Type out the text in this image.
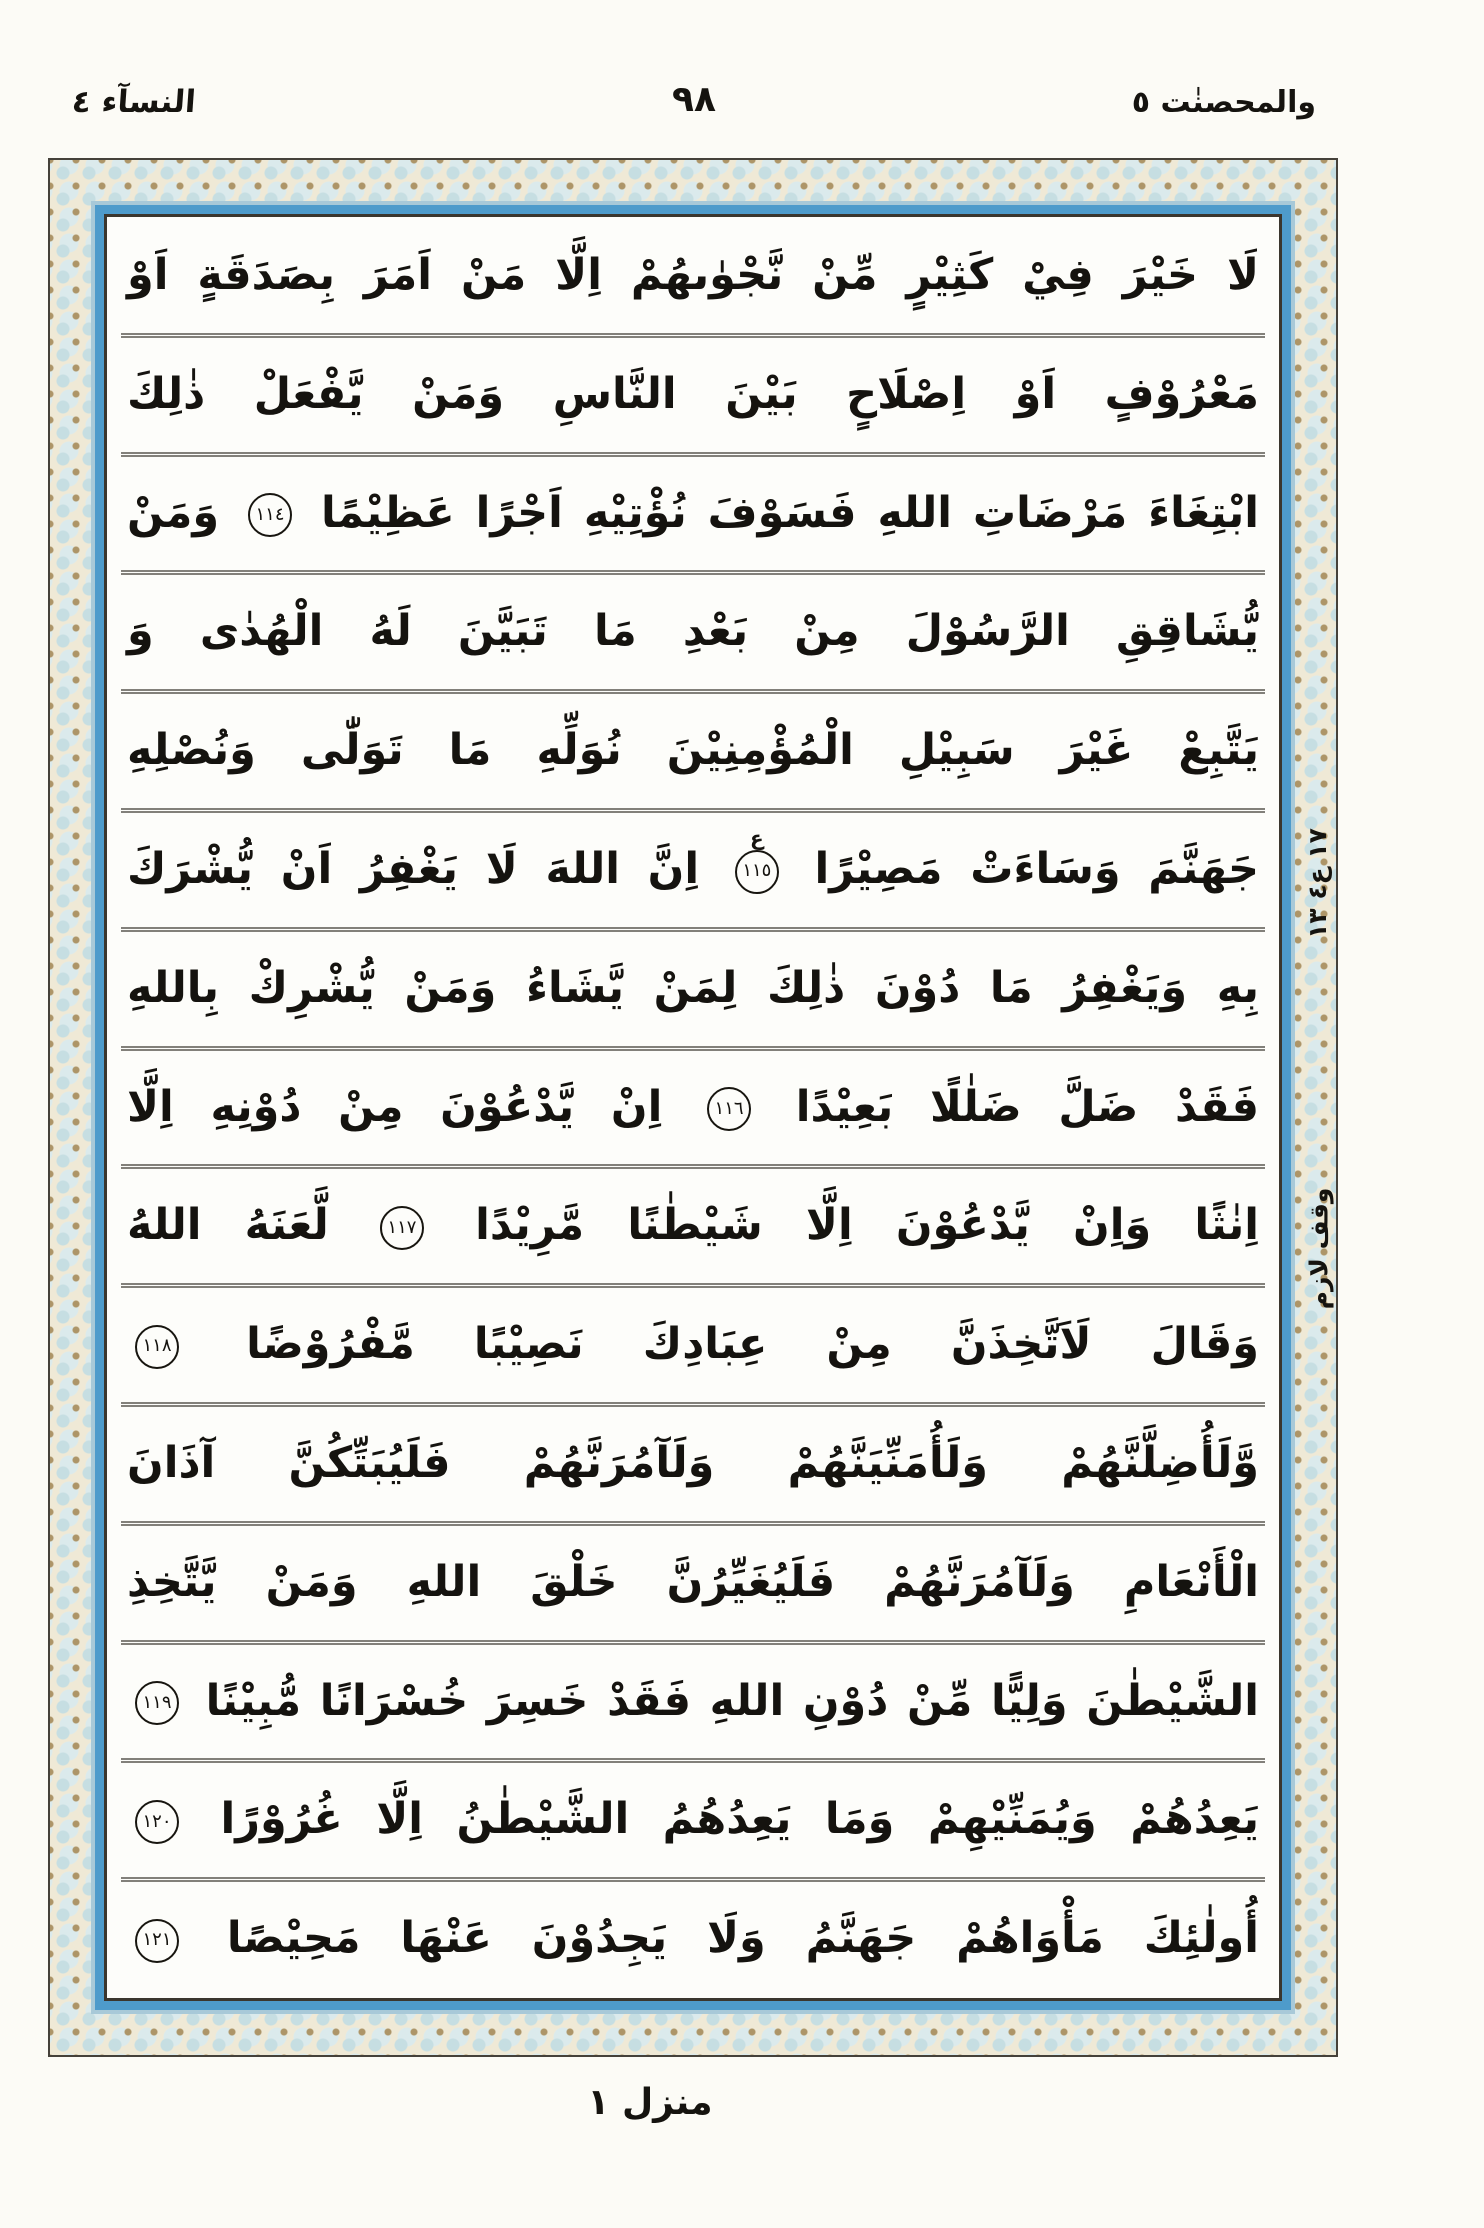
والمحصنٰت ٥
٩٨
النسآء ٤
لَا خَيْرَ فِيْ كَثِيْرٍ مِّنْ نَّجْوٰىهُمْ اِلَّا مَنْ اَمَرَ بِصَدَقَةٍ اَوْ
مَعْرُوْفٍ اَوْ اِصْلَاحٍ بَيْنَ النَّاسِ وَمَنْ يَّفْعَلْ ذٰلِكَ
ابْتِغَاءَ مَرْضَاتِ اللهِ فَسَوْفَ نُؤْتِيْهِ اَجْرًا عَظِيْمًا ١١٤ وَمَنْ
يُّشَاقِقِ الرَّسُوْلَ مِنْ بَعْدِ مَا تَبَيَّنَ لَهُ الْهُدٰى وَ
يَتَّبِعْ غَيْرَ سَبِيْلِ الْمُؤْمِنِيْنَ نُوَلِّهِ مَا تَوَلّٰى وَنُصْلِهِ
جَهَنَّمَ وَسَاءَتْ مَصِيْرًا ١١٥
ع
اِنَّ اللهَ لَا يَغْفِرُ اَنْ يُّشْرَكَ
بِهِ وَيَغْفِرُ مَا دُوْنَ ذٰلِكَ لِمَنْ يَّشَاءُ وَمَنْ يُّشْرِكْ بِاللهِ
فَقَدْ ضَلَّ ضَلٰلًا بَعِيْدًا ١١٦ اِنْ يَّدْعُوْنَ مِنْ دُوْنِهِ اِلَّا
اِنٰثًا وَاِنْ يَّدْعُوْنَ اِلَّا شَيْطٰنًا مَّرِيْدًا ١١٧ لَّعَنَهُ اللهُ
وَقَالَ لَاَتَّخِذَنَّ مِنْ عِبَادِكَ نَصِيْبًا مَّفْرُوْضًا ١١٨
وَّلَأُضِلَّنَّهُمْ وَلَأُمَنِّيَنَّهُمْ وَلَآمُرَنَّهُمْ فَلَيُبَتِّكُنَّ آذَانَ
الْأَنْعَامِ وَلَآمُرَنَّهُمْ فَلَيُغَيِّرُنَّ خَلْقَ اللهِ وَمَنْ يَّتَّخِذِ
الشَّيْطٰنَ وَلِيًّا مِّنْ دُوْنِ اللهِ فَقَدْ خَسِرَ خُسْرَانًا مُّبِيْنًا ١١٩
يَعِدُهُمْ وَيُمَنِّيْهِمْ وَمَا يَعِدُهُمُ الشَّيْطٰنُ اِلَّا غُرُوْرًا ١٢٠
أُولٰئِكَ مَأْوَاهُمْ جَهَنَّمُ وَلَا يَجِدُوْنَ عَنْهَا مَحِيْصًا ١٢١
١٧ ع٤ ١٣
وقف لازم
منزل ١
